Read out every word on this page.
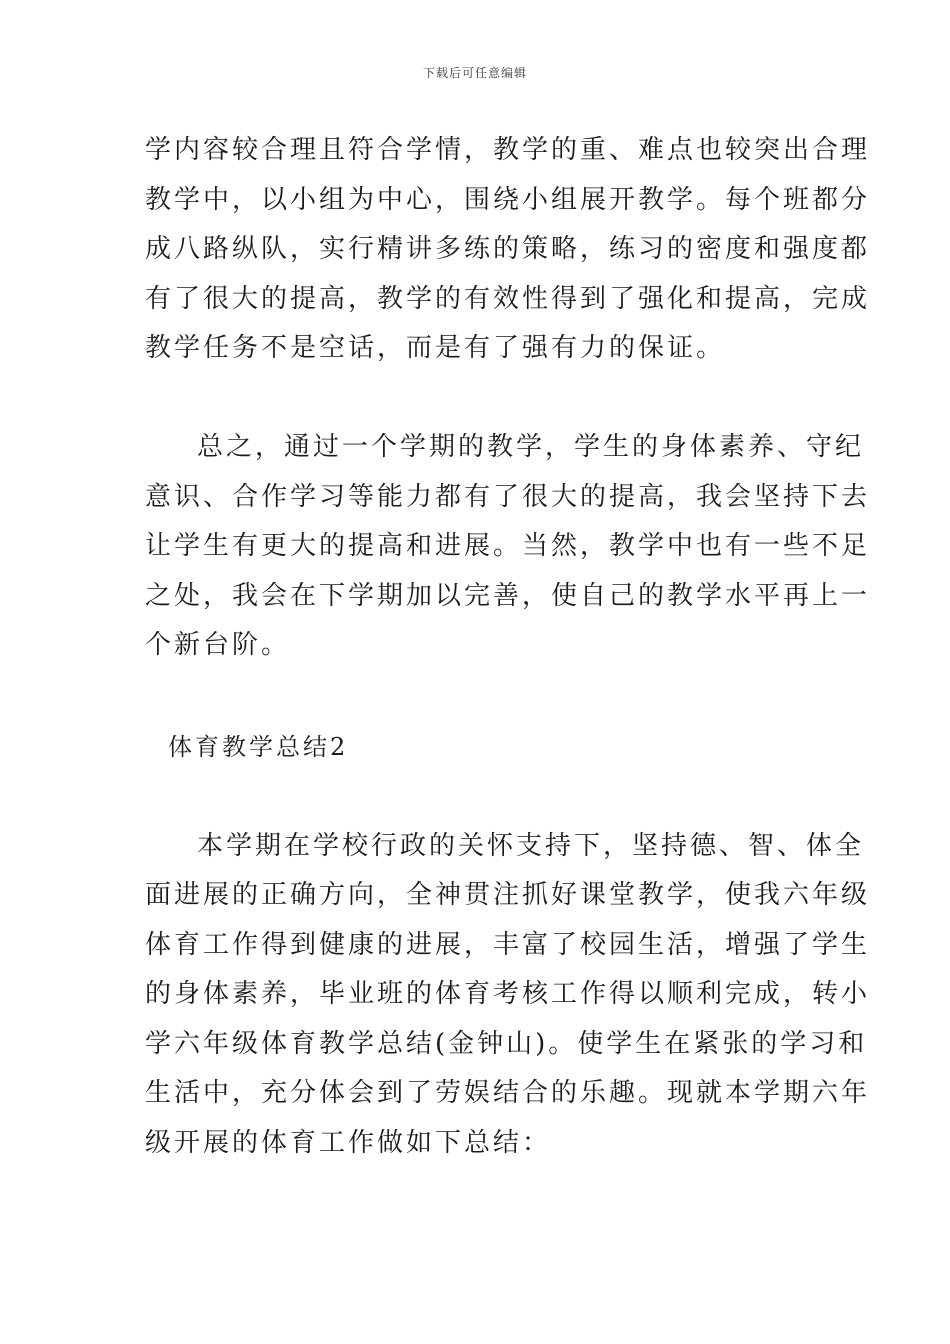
下载后可任意编辑
学内容较合理且符合学情，教学的重、难点也较突出合理
教学中，以小组为中心，围绕小组展开教学。每个班都分
成八路纵队，实行精讲多练的策略，练习的密度和强度都
有了很大的提高，教学的有效性得到了强化和提高，完成
教学任务不是空话，而是有了强有力的保证。
总之，通过一个学期的教学，学生的身体素养、守纪
意识、合作学习等能力都有了很大的提高，我会坚持下去
让学生有更大的提高和进展。当然，教学中也有一些不足
之处，我会在下学期加以完善，使自己的教学水平再上一
个新台阶。
体育教学总结2
本学期在学校行政的关怀支持下，坚持德、智、体全
面进展的正确方向，全神贯注抓好课堂教学，使我六年级
体育工作得到健康的进展，丰富了校园生活，增强了学生
的身体素养，毕业班的体育考核工作得以顺利完成，转小
学六年级体育教学总结(金钟山)。使学生在紧张的学习和
生活中，充分体会到了劳娱结合的乐趣。现就本学期六年
级开展的体育工作做如下总结：
